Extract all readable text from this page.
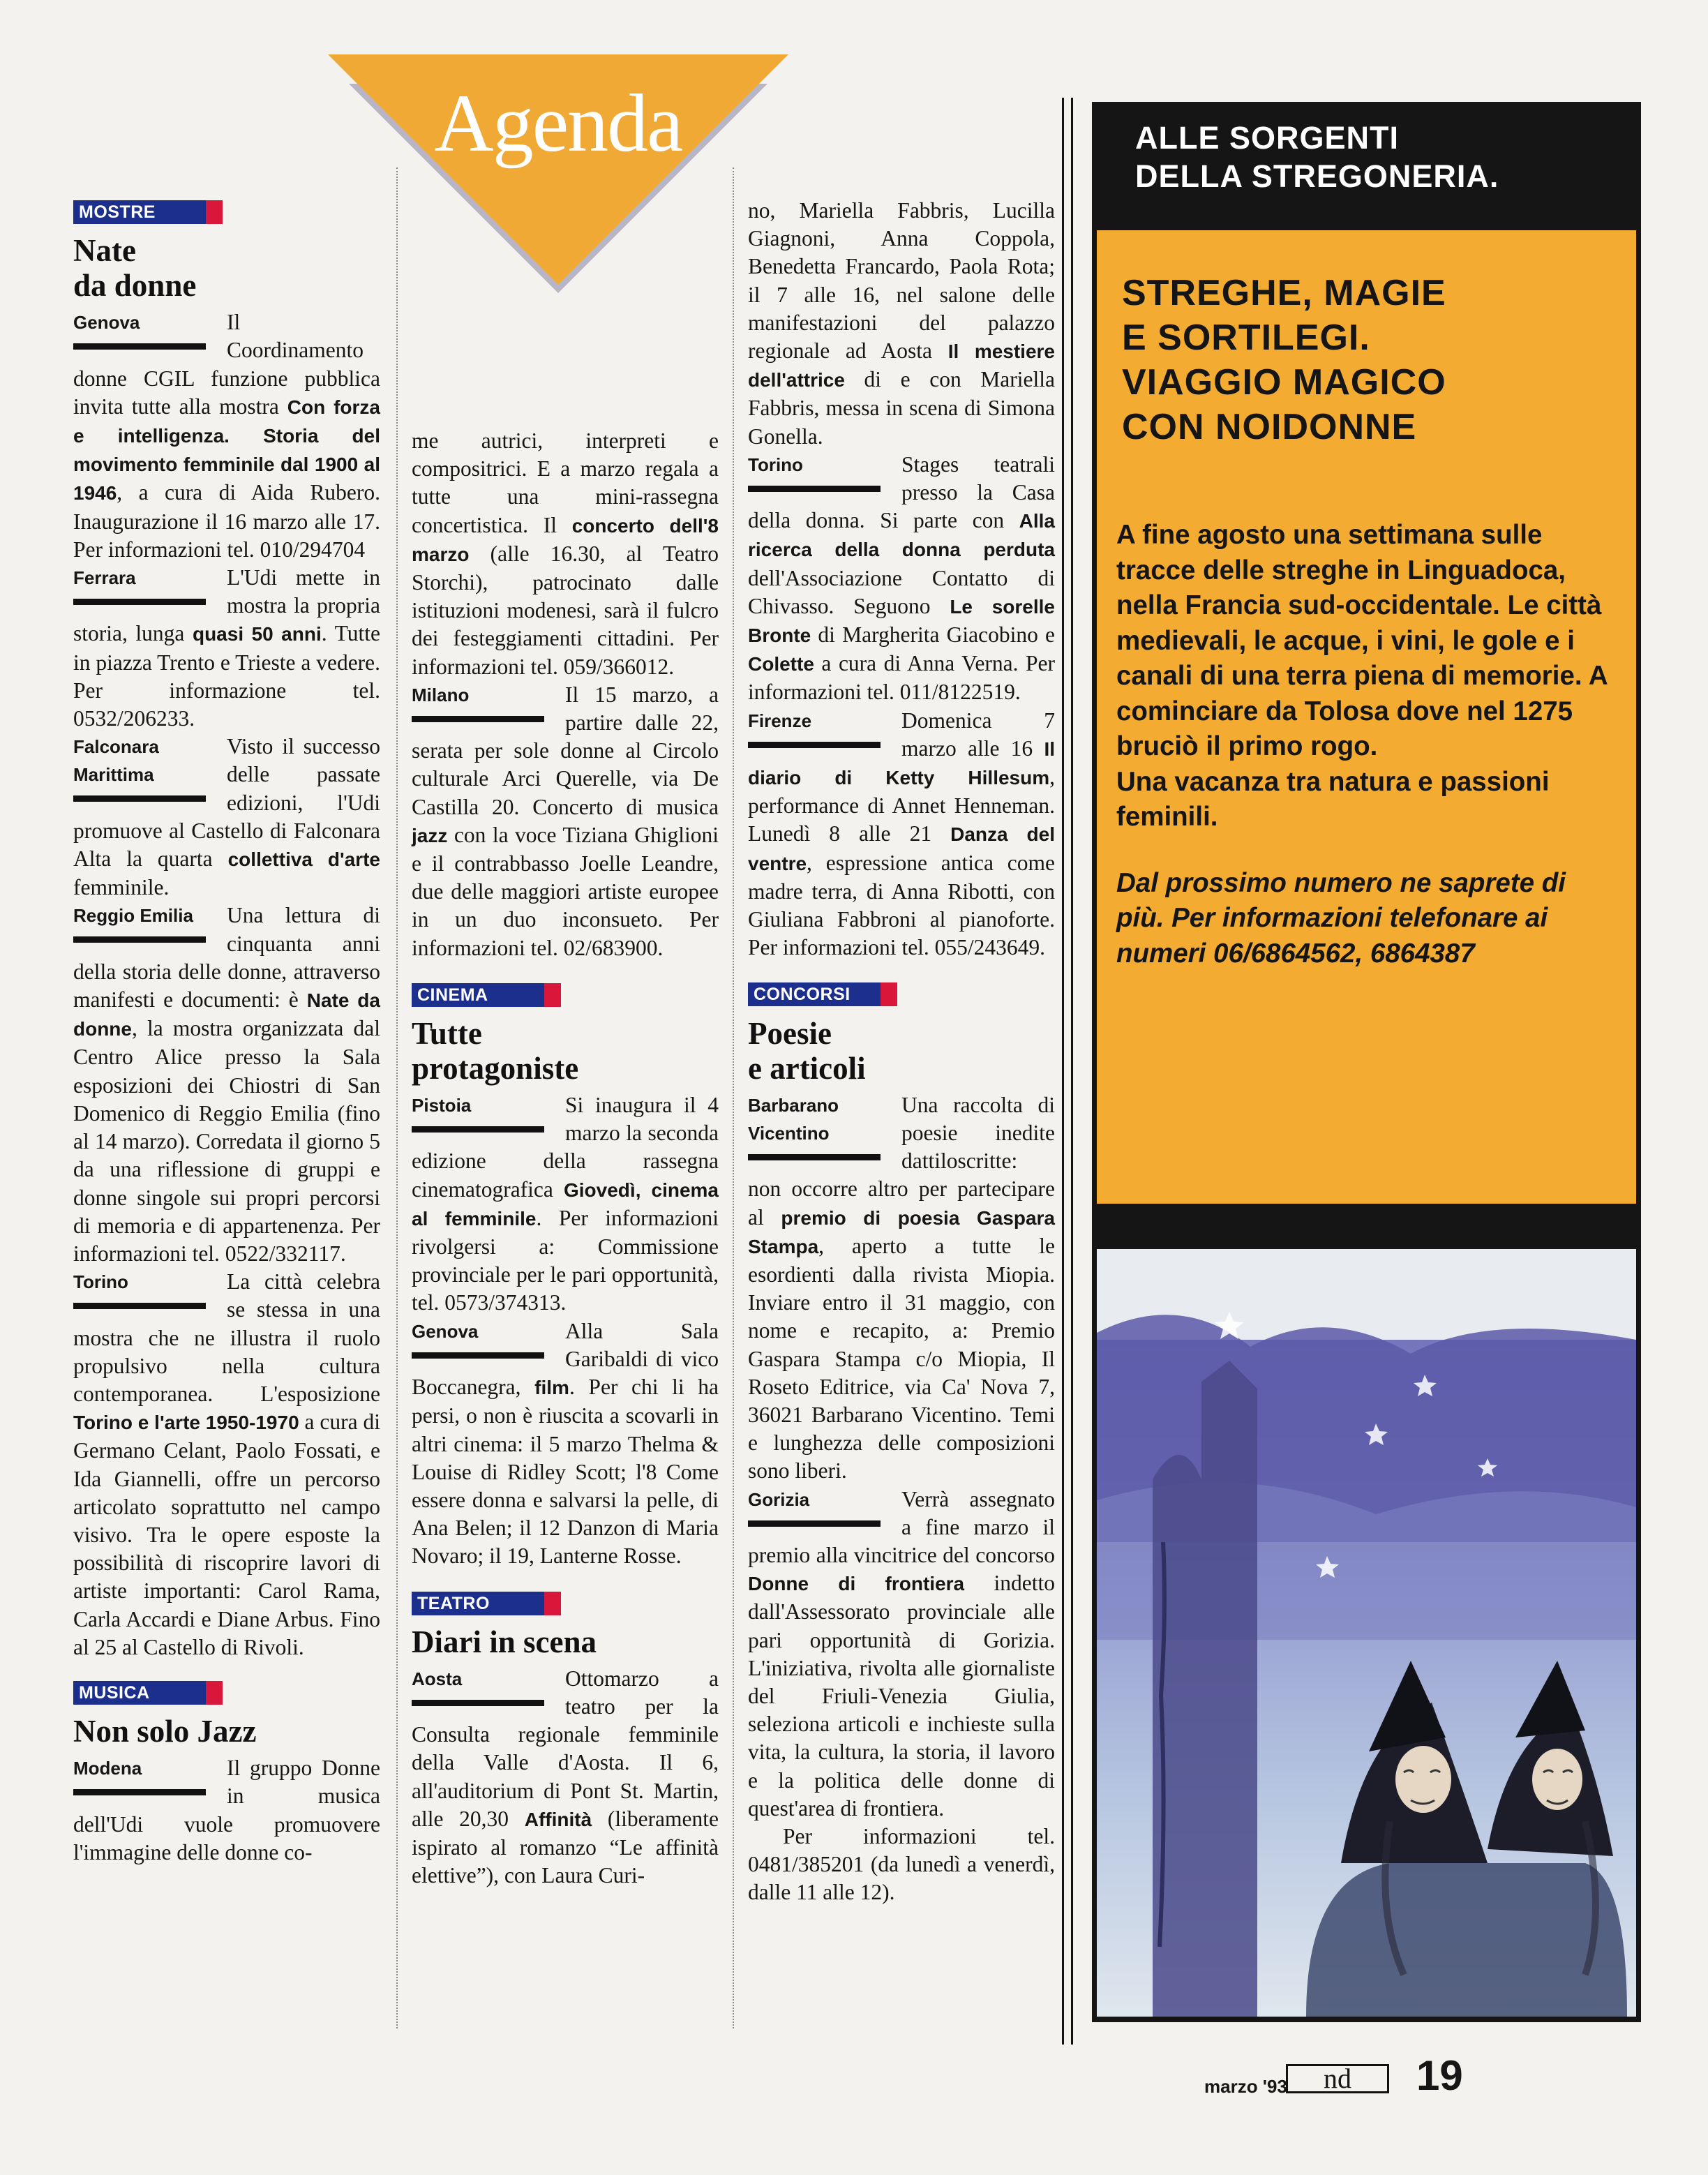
Agenda
MOSTRE
Nate
da donne
Genova	Il Coordinamento donne CGIL funzione pubblica invita tutte alla mostra Con forza e intelligenza. Storia del movimento femminile dal 1900 al 1946, a cura di Aida Rubero. Inaugurazione il 16 marzo alle 17. Per informazioni tel. 010/294704
Ferrara	L'Udi mette in mostra la propria storia, lunga quasi 50 anni. Tutte in piazza Trento e Trieste a vedere. Per informazione tel. 0532/206233.
Falconara Marittima
Visto il successo delle passate edizioni, l'Udi promuove al Castello di Falconara Alta la quarta collettiva d'arte femminile.
Reggio Emilia	Una lettura di cinquanta anni della storia delle donne, attraverso manifesti e documenti: è Nate da donne, la mostra organizzata dal Centro Alice presso la Sala esposizioni dei Chiostri di San Domenico di Reggio Emilia (fino al 14 marzo). Corredata il giorno 5 da una riflessione di gruppi e donne singole sui propri percorsi di memoria e di appartenenza. Per informazioni tel. 0522/332117.
Torino	La città celebra se stessa in una mostra che ne illustra il ruolo propulsivo nella cultura contemporanea. L'esposizione Torino e l'arte 1950-1970 a cura di Germano Celant, Paolo Fossati, e Ida Giannelli, offre un percorso articolato soprattutto nel campo visivo. Tra le opere esposte la possibilità di riscoprire lavori di artiste importanti: Carol Rama, Carla Accardi e Diane Arbus. Fino al 25 al Castello di Rivoli.
MUSICA
Non solo Jazz
Modena	Il gruppo Donne in musica dell'Udi vuole promuovere l'immagine delle donne co-
me autrici, interpreti e compositrici. E a marzo regala a tutte una mini-rassegna concertistica. Il concerto dell'8 marzo (alle 16.30, al Teatro Storchi), patrocinato dalle istituzioni modenesi, sarà il fulcro dei festeggiamenti cittadini. Per informazioni tel. 059/366012.
Milano	Il 15 marzo, a partire dalle 22, serata per sole donne al Circolo culturale Arci Querelle, via De Castilla 20. Concerto di musica jazz con la voce Tiziana Ghiglioni e il contrabbasso Joelle Leandre, due delle maggiori artiste europee in un duo inconsueto. Per informazioni tel. 02/683900.
CINEMA
Tutte
protagoniste
Pistoia	Si inaugura il 4 marzo la seconda edizione della rassegna cinematografica Giovedì, cinema al femminile. Per informazioni rivolgersi a: Commissione provinciale per le pari opportunità, tel. 0573/374313.
Genova	Alla Sala Garibaldi di vico Boccanegra, film. Per chi li ha persi, o non è riuscita a scovarli in altri cinema: il 5 marzo Thelma & Louise di Ridley Scott; l'8 Come essere donna e salvarsi la pelle, di Ana Belen; il 12 Danzon di Maria Novaro; il 19, Lanterne Rosse.
TEATRO
Diari in scena
Aosta	Ottomarzo a teatro per la Consulta regionale femminile della Valle d'Aosta. Il 6, all'auditorium di Pont St. Martin, alle 20,30 Affinità (liberamente ispirato al romanzo “Le affinità elettive”), con Laura Curi-
no, Mariella Fabbris, Lucilla Giagnoni, Anna Coppola, Benedetta Francardo, Paola Rota; il 7 alle 16, nel salone delle manifestazioni del palazzo regionale ad Aosta Il mestiere dell'attrice di e con Mariella Fabbris, messa in scena di Simona Gonella.
Torino	Stages teatrali presso la Casa della donna. Si parte con Alla ricerca della donna perduta dell'Associazione Contatto di Chivasso. Seguono Le sorelle Bronte di Margherita Giacobino e Colette a cura di Anna Verna. Per informazioni tel. 011/8122519.
Firenze	Domenica 7 marzo alle 16 Il diario di Ketty Hillesum, performance di Annet Henneman. Lunedì 8 alle 21 Danza del ventre, espressione antica come madre terra, di Anna Ribotti, con Giuliana Fabbroni al pianoforte. Per informazioni tel. 055/243649.
CONCORSI
Poesie
e articoli
Barbarano Vicentino
Una raccolta di poesie inedite dattiloscritte: non occorre altro per partecipare al premio di poesia Gaspara Stampa, aperto a tutte le esordienti dalla rivista Miopia. Inviare entro il 31 maggio, con nome e recapito, a: Premio Gaspara Stampa c/o Miopia, Il Roseto Editrice, via Ca' Nova 7, 36021 Barbarano Vicentino. Temi e lunghezza delle composizioni sono liberi.
Gorizia	Verrà assegnato a fine marzo il premio alla vincitrice del concorso Donne di frontiera indetto dall'Assessorato provinciale alle pari opportunità di Gorizia. L'iniziativa, rivolta alle giornaliste del Friuli-Venezia Giulia, seleziona articoli e inchieste sulla vita, la cultura, la storia, il lavoro e la politica delle donne di quest'area di frontiera.
Per informazioni tel. 0481/385201 (da lunedì a venerdì, dalle 11 alle 12).
ALLE SORGENTI
DELLA STREGONERIA.
STREGHE, MAGIE
E SORTILEGI.
VIAGGIO MAGICO
CON NOIDONNE
A fine agosto una settimana sulle tracce delle streghe in Linguadoca, nella Francia sud-occidentale. Le città medievali, le acque, i vini, le gole e i canali di una terra piena di memorie. A cominciare da Tolosa dove nel 1275 bruciò il primo rogo.
Una vacanza tra natura e passioni feminili.
Dal prossimo numero ne saprete di più. Per informazioni telefonare ai numeri 06/6864562, 6864387
marzo '93	nd	19
